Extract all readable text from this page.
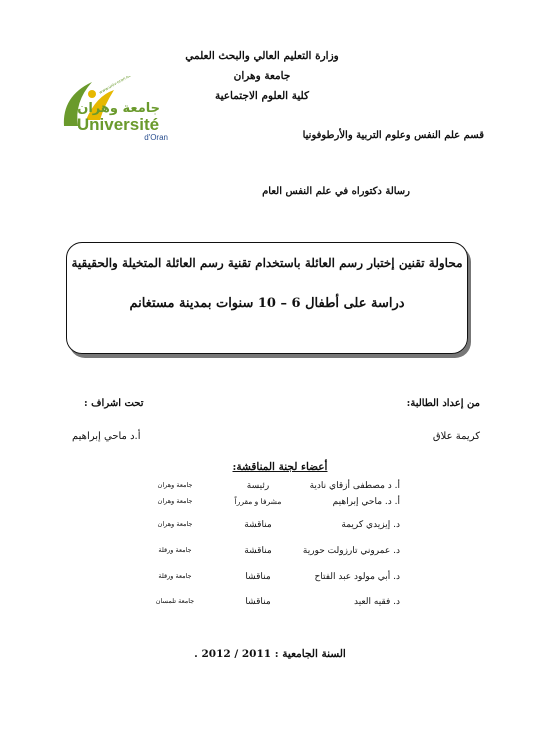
وزارة التعليم العالي والبحث العلمي
جامعة وهران
كلية العلوم الاجتماعية
www.univ-oran.dz
جامعة وهران
Université
d'Oran	قسم علم النفس وعلوم التربية والأرطوفونيا
رسالة دكتوراه في علم النفس العام
محاولة تقنين إختبار رسم العائلة باستخدام تقنية رسم العائلة المتخيلة والحقيقية
دراسة على أطفال 6 – 10 سنوات بمدينة مستغانم
من إعداد الطالبة:
كريمة علاق
تحت اشراف :
أ.د ماحي إبراهيم
أعضاء لجنة المناقشة:
أ. د مصطفى أزقاي نادية
رئيسة
جامعة وهران
أ. د. ماحي إبراهيم
مشرفا و مقرراً
جامعة وهران
د. إيزيدي كريمة
مناقشة
جامعة وهران
د. عمروني تارزولت حورية
مناقشة
جامعة ورقلة
د. أبي مولود عبد الفتاح
مناقشا
جامعة ورقلة
د. فقيه العيد
مناقشا
جامعة تلمسان
السنة الجامعية : 2011 / 2012 .
